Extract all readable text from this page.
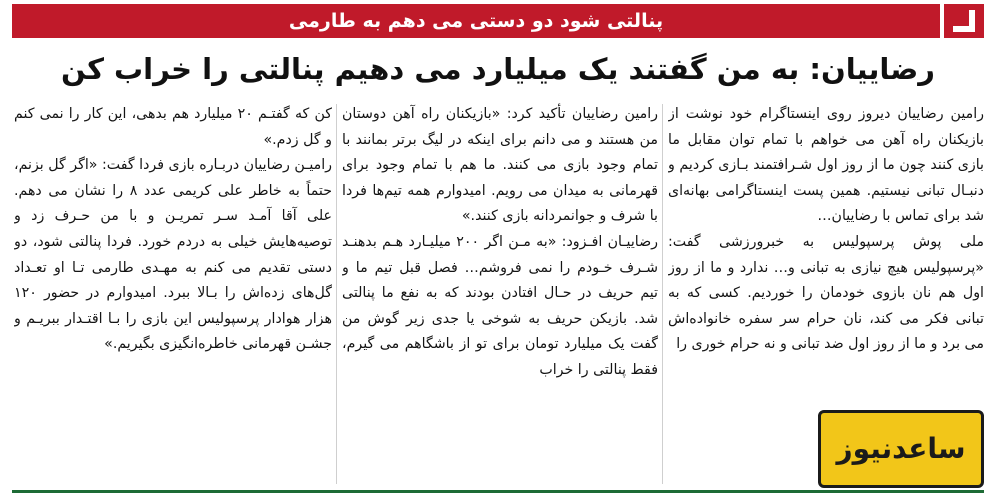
پنالتی شود دو دستی می دهم به طارمی
رضاییان: به من گفتند یک میلیارد می دهیم پنالتی را خراب کن

رامین رضاییان دیروز روی اینستاگرام خود نوشت از بازیکنان راه آهن می خواهم با تمام توان مقابل ما بازی کنند چون ما از روز اول شـرافتمند بـازی کردیم و دنبـال تبانی نیستیم. همین پست اینستاگرامی بهانه‌ای شد برای تماس با رضاییان…

ملی پوش پرسپولیس به خبرورزشی گفت: «پرسپولیس هیچ نیازی به تبانی و… ندارد و ما از روز اول هم نان بازوی خودمان را خوردیم. کسی که به تبانی فکر می کند، نان حرام سر سفره خانواده‌اش می برد و ما از روز اول ضد تبانی و نه حرام خوری را

رامین رضاییان تأکید کرد: «بازیکنان راه آهن دوستان من هستند و می دانم برای اینکه در لیگ برتر بمانند با تمام وجود بازی می کنند. ما هم با تمام وجود برای قهرمانی به میدان می رویم. امیدوارم همه تیم‌ها فردا با شرف و جوانمردانه بازی کنند.»

رضاییـان افـزود: «به مـن اگر ۲۰۰ میلیـارد هـم بدهنـد شـرف خـودم را نمی فروشم… فصل قبل تیم ما و تیم حریف در حـال افتادن بودند که به نفع ما پنالتی شد. بازیکن حریف به شوخی یا جدی زیر گوش من گفت یک میلیارد تومان برای تو از باشگاهم می گیرم، فقط پنالتی را خراب

کن که گفتـم ۲۰ میلیارد هم بدهی، این کار را نمی کنم و گل زدم.»

رامیـن رضاییان دربـاره بازی فردا گفت: «اگر گل بزنم، حتماً به خاطر علی کریمی عدد ۸ را نشان می دهم. علی آقا آمـد سـر تمریـن و با من حـرف زد و توصیه‌هایش خیلی به دردم خورد. فردا پنالتی شود، دو دستی تقدیم می کنم به مهـدی طارمی تـا او تعـداد گل‌های زده‌اش را بـالا ببرد. امیدوارم در حضور ۱۲۰ هزار هوادار پرسپولیس این بازی را بـا اقتـدار ببریـم و جشـن قهرمانی خاطره‌انگیزی بگیریم.»

ساعدنیوز
